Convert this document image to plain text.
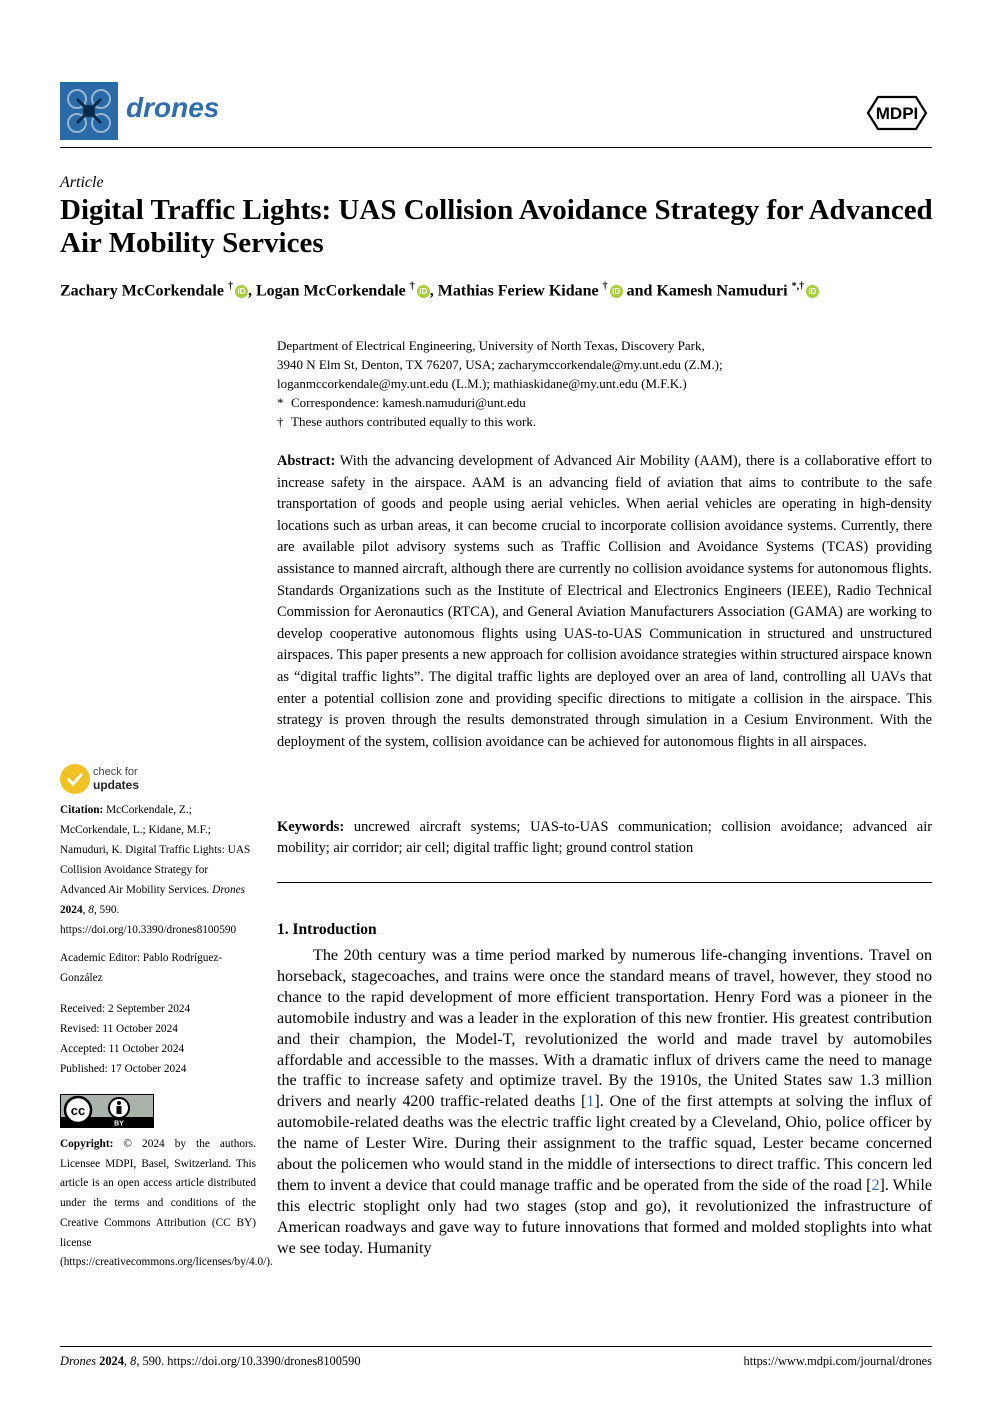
drones	MDPI
Article
Digital Traffic Lights: UAS Collision Avoidance Strategy for Advanced Air Mobility Services
Zachary McCorkendale † iD , Logan McCorkendale † iD , Mathias Feriew Kidane † iD and Kamesh Namuduri *,† iD
Department of Electrical Engineering, University of North Texas, Discovery Park,
3940 N Elm St, Denton, TX 76207, USA; zacharymccorkendale@my.unt.edu (Z.M.);
loganmccorkendale@my.unt.edu (L.M.); mathiaskidane@my.unt.edu (M.F.K.)
* Correspondence: kamesh.namuduri@unt.edu
† These authors contributed equally to this work.
Abstract: With the advancing development of Advanced Air Mobility (AAM), there is a collaborative effort to increase safety in the airspace. AAM is an advancing field of aviation that aims to contribute to the safe transportation of goods and people using aerial vehicles. When aerial vehicles are operating in high-density locations such as urban areas, it can become crucial to incorporate collision avoidance systems. Currently, there are available pilot advisory systems such as Traffic Collision and Avoidance Systems (TCAS) providing assistance to manned aircraft, although there are currently no collision avoidance systems for autonomous flights. Standards Organizations such as the Institute of Electrical and Electronics Engineers (IEEE), Radio Technical Commission for Aeronautics (RTCA), and General Aviation Manufacturers Association (GAMA) are working to develop cooperative autonomous flights using UAS-to-UAS Communication in structured and unstructured airspaces. This paper presents a new approach for collision avoidance strategies within structured airspace known as “digital traffic lights”. The digital traffic lights are deployed over an area of land, controlling all UAVs that enter a potential collision zone and providing specific directions to mitigate a collision in the airspace. This strategy is proven through the results demonstrated through simulation in a Cesium Environment. With the deployment of the system, collision avoidance can be achieved for autonomous flights in all airspaces.
Keywords: uncrewed aircraft systems; UAS-to-UAS communication; collision avoidance; advanced air mobility; air corridor; air cell; digital traffic light; ground control station
1. Introduction
The 20th century was a time period marked by numerous life-changing inventions. Travel on horseback, stagecoaches, and trains were once the standard means of travel, however, they stood no chance to the rapid development of more efficient transportation. Henry Ford was a pioneer in the automobile industry and was a leader in the exploration of this new frontier. His greatest contribution and their champion, the Model-T, revolutionized the world and made travel by automobiles affordable and accessible to the masses. With a dramatic influx of drivers came the need to manage the traffic to increase safety and optimize travel. By the 1910s, the United States saw 1.3 million drivers and nearly 4200 traffic-related deaths [1]. One of the first attempts at solving the influx of automobile-related deaths was the electric traffic light created by a Cleveland, Ohio, police officer by the name of Lester Wire. During their assignment to the traffic squad, Lester became concerned about the policemen who would stand in the middle of intersections to direct traffic. This concern led them to invent a device that could manage traffic and be operated from the side of the road [2]. While this electric stoplight only had two stages (stop and go), it revolutionized the infrastructure of American roadways and gave way to future innovations that formed and molded stoplights into what we see today. Humanity
check for
updates
Citation: McCorkendale, Z.; McCorkendale, L.; Kidane, M.F.; Namuduri, K. Digital Traffic Lights: UAS Collision Avoidance Strategy for Advanced Air Mobility Services. Drones 2024, 8, 590. https://doi.org/10.3390/drones8100590
Academic Editor: Pablo Rodríguez-González
Received: 2 September 2024
Revised: 11 October 2024
Accepted: 11 October 2024
Published: 17 October 2024
cc
BY
Copyright: © 2024 by the authors. Licensee MDPI, Basel, Switzerland. This article is an open access article distributed under the terms and conditions of the Creative Commons Attribution (CC BY) license (https://creativecommons.org/licenses/by/4.0/).
Drones 2024, 8, 590. https://doi.org/10.3390/drones8100590	https://www.mdpi.com/journal/drones
